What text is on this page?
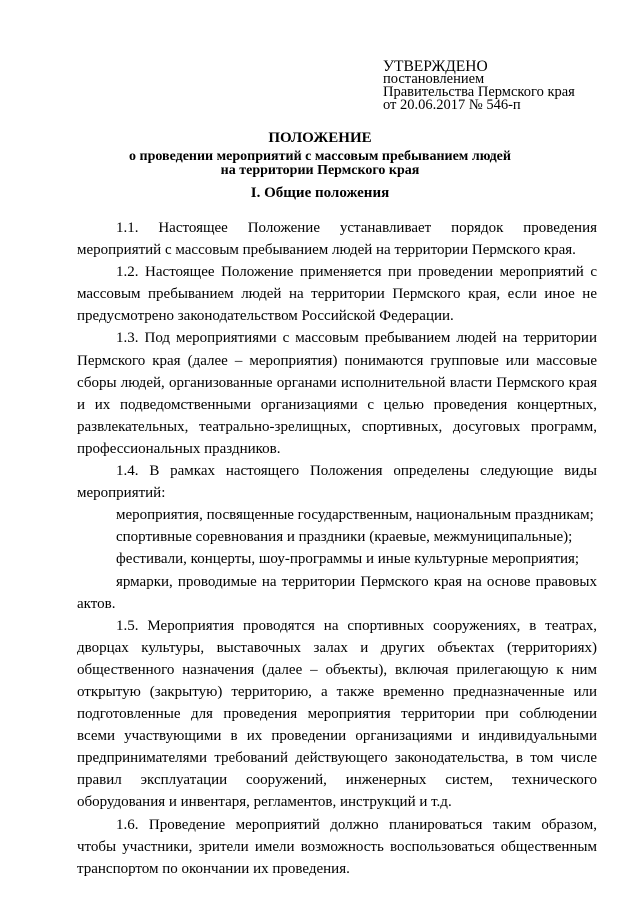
УТВЕРЖДЕНО
постановлением
Правительства Пермского края
от 20.06.2017 № 546-п
ПОЛОЖЕНИЕ
о проведении мероприятий с массовым пребыванием людей
на территории Пермского края
I. Общие положения

1.1. Настоящее Положение устанавливает порядок проведения мероприятий с массовым пребыванием людей на территории Пермского края.

1.2. Настоящее Положение применяется при проведении мероприятий с массовым пребыванием людей на территории Пермского края, если иное не предусмотрено законодательством Российской Федерации.

1.3. Под мероприятиями с массовым пребыванием людей на территории Пермского края (далее – мероприятия) понимаются групповые или массовые сборы людей, организованные органами исполнительной власти Пермского края и их подведомственными организациями с целью проведения концертных, развлекательных, театрально-зрелищных, спортивных, досуговых программ, профессиональных праздников.

1.4. В рамках настоящего Положения определены следующие виды мероприятий:

мероприятия, посвященные государственным, национальным праздникам;

спортивные соревнования и праздники (краевые, межмуниципальные);

фестивали, концерты, шоу-программы и иные культурные мероприятия;

ярмарки, проводимые на территории Пермского края на основе правовых актов.

1.5. Мероприятия проводятся на спортивных сооружениях, в театрах, дворцах культуры, выставочных залах и других объектах (территориях) общественного назначения (далее – объекты), включая прилегающую к ним открытую (закрытую) территорию, а также временно предназначенные или подготовленные для проведения мероприятия территории при соблюдении всеми участвующими в их проведении организациями и индивидуальными предпринимателями требований действующего законодательства, в том числе правил эксплуатации сооружений, инженерных систем, технического оборудования и инвентаря, регламентов, инструкций и т.д.

1.6. Проведение мероприятий должно планироваться таким образом, чтобы участники, зрители имели возможность воспользоваться общественным транспортом по окончании их проведения.
